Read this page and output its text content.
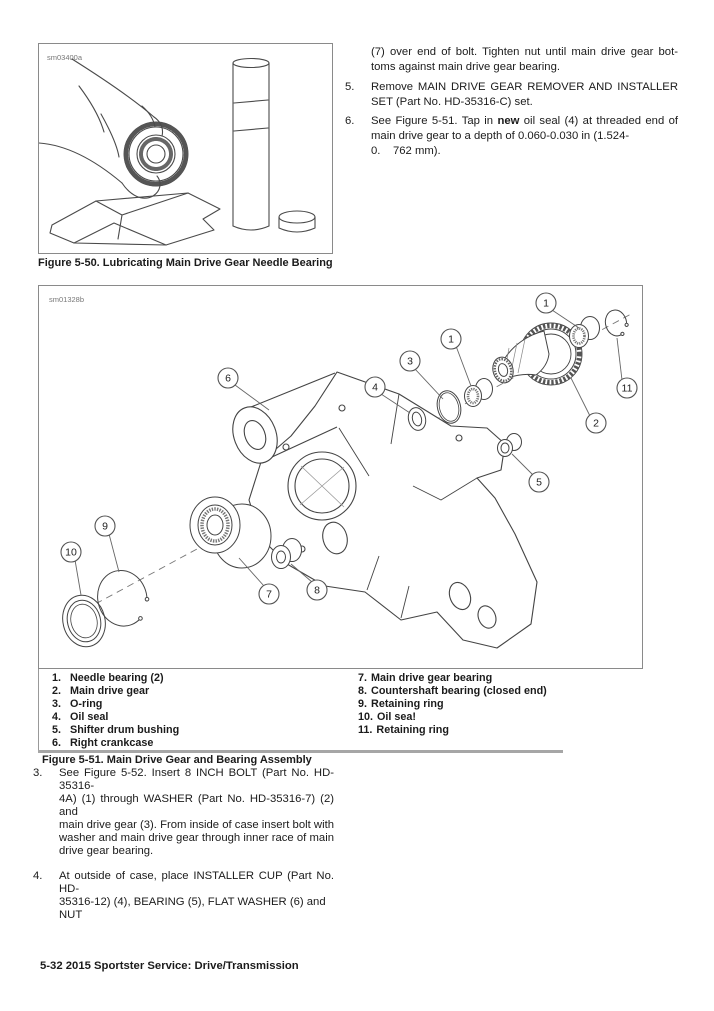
sm03400a
Figure 5-50. Lubricating Main Drive Gear Needle Bearing
(7) over end of bolt. Tighten nut until main drive gear bot-
toms against main drive gear bearing.
5. Remove MAIN DRIVE GEAR REMOVER AND INSTALLER
SET (Part No. HD-35316-C) set.
6. See Figure 5-51. Tap in new oil seal (4) at threaded end of
main drive gear to a depth of 0.060-0.030 in (1.524-
0.    762 mm).
sm01328b
6
1
1
3
4	11
2
5
9
10
7	8
1. Needle bearing (2)
2. Main drive gear
3. O-ring
4. Oil seal
5. Shifter drum bushing
6. Right crankcase
7. Main drive gear bearing
8. Countershaft bearing (closed end)
9. Retaining ring
10. Oil sea!
11. Retaining ring
Figure 5-51. Main Drive Gear and Bearing Assembly
3. See Figure 5-52. Insert 8 INCH BOLT (Part No. HD-35316-
4A) (1) through WASHER (Part No. HD-35316-7) (2) and
main drive gear (3). From inside of case insert bolt with
washer and main drive gear through inner race of main
drive gear bearing.
4. At outside of case, place INSTALLER CUP (Part No. HD-
35316-12) (4), BEARING (5), FLAT WASHER (6) and NUT
5-32 2015 Sportster Service: Drive/Transmission
